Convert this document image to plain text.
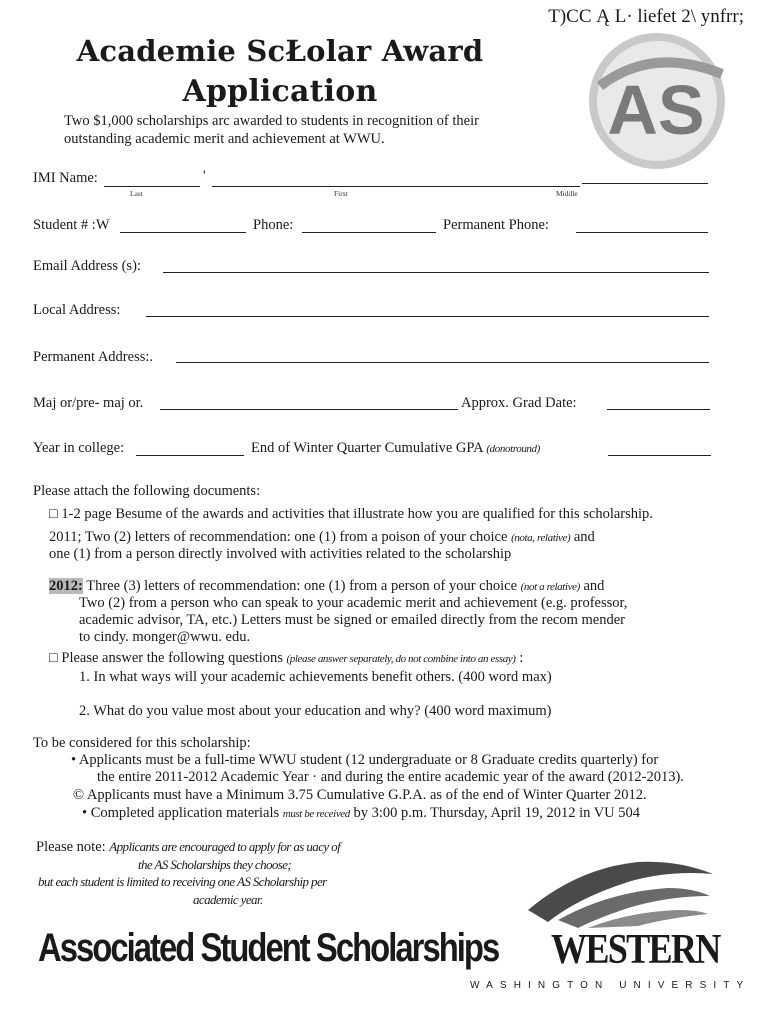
T)CC Ą L· liefet 2\ ynfrr;
Academie ScŁolar Award
Application	AS
Two $1,000 scholarships arc awarded to students in recognition of their outstanding academic merit and achievement at WWU.
IMI Name:	'
Last	First	Middle
Student # :W	Phone:	Permanent Phone:
Email Address (s):
Local Address:
Permanent Address:.
Maj or/pre- maj or.	Approx. Grad Date:
Year in college:	End of Winter Quarter Cumulative GPA (donotround)
Please attach the following documents:
□ 1-2 page Besume of the awards and activities that illustrate how you are qualified for this scholarship.
2011; Two (2) letters of recommendation: one (1) from a poison of your choice (nota, relative) and
one (1) from a person directly involved with activities related to the scholarship
2012: Three (3) letters of recommendation: one (1) from a person of your choice (not a relative) and
Two (2) from a person who can speak to your academic merit and achievement (e.g. professor,
academic advisor, TA, etc.) Letters must be signed or emailed directly from the recom mender
to cindy. monger@wwu. edu.
□ Please answer the following questions (please answer separately, do not combine into an essay) :
1. In what ways will your academic achievements benefit others. (400 word max)
2. What do you value most about your education and why? (400 word maximum)
To be considered for this scholarship:
• Applicants must be a full-time WWU student (12 undergraduate or 8 Graduate credits quarterly) for
the entire 2011-2012 Academic Year · and during the entire academic year of the award (2012-2013).
© Applicants must have a Minimum 3.75 Cumulative G.P.A. as of the end of Winter Quarter 2012.
• Completed application materials must be received by 3:00 p.m. Thursday, April 19, 2012 in VU 504
Please note: Applicants are encouraged to apply for as uacy of
the AS Scholarships they choose;
but each student is limited to receiving one AS Scholarship per
academic year.
Associated Student Scholarships WESTERN
WASHINGTON UNIVERSITY
